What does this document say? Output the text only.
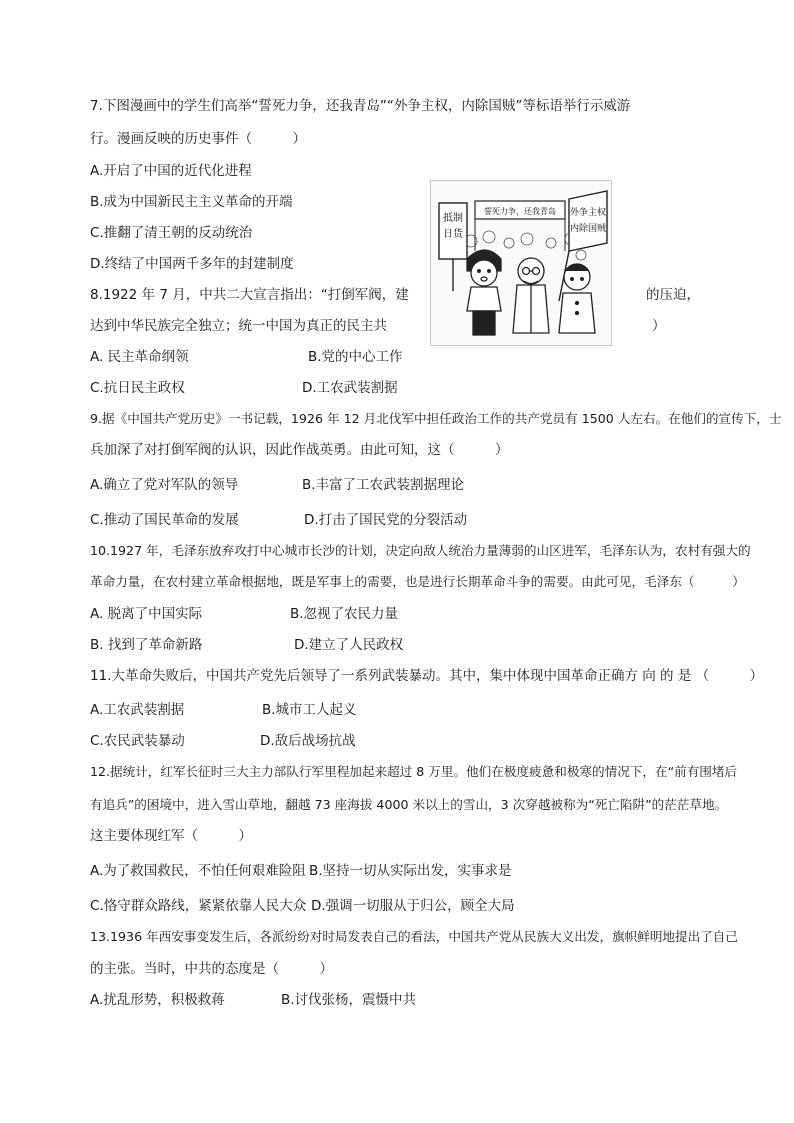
7.下图漫画中的学生们高举“誓死力争，还我青岛”“外争主权，内除国贼”等标语举行示威游
行。漫画反映的历史事件（　　　）
A.开启了中国的近代化进程
B.成为中国新民主主义革命的开端
C.推翻了清王朝的反动统治
D.终结了中国两千多年的封建制度
抵制
日货
誓死力争，还我青岛 外争主权
内除国贼
8.1922 年 7 月，中共二大宣言指出：“打倒军阀，建	的压迫，
达到中华民族完全独立；统一中国为真正的民主共	）
A. 民主革命纲领	B.党的中心工作
C.抗日民主政权	D.工农武装割据
9.据《中国共产党历史》一书记载，1926 年 12 月北伐军中担任政治工作的共产党员有 1500 人左右。在他们的宣传下，士
兵加深了对打倒军阀的认识，因此作战英勇。由此可知，这（　　　）
A.确立了党对军队的领导	B.丰富了工农武装割据理论
C.推动了国民革命的发展	D.打击了国民党的分裂活动
10.1927 年，毛泽东放弃攻打中心城市长沙的计划，决定向敌人统治力量薄弱的山区进军，毛泽东认为，农村有强大的
革命力量，在农村建立革命根据地，既是军事上的需要，也是进行长期革命斗争的需要。由此可见，毛泽东（　　　）
A. 脱离了中国实际	B.忽视了农民力量
B. 找到了革命新路	D.建立了人民政权
11.大革命失败后，中国共产党先后领导了一系列武装暴动。其中，集中体现中国革命正确方 向 的 是 （　　　）
A.工农武装割据	B.城市工人起义
C.农民武装暴动	D.敌后战场抗战
12.据统计，红军长征时三大主力部队行军里程加起来超过 8 万里。他们在极度疲惫和极寒的情况下，在“前有围堵后
有追兵”的困境中，进入雪山草地，翻越 73 座海拔 4000 米以上的雪山，3 次穿越被称为“死亡陷阱”的茫茫草地。
这主要体现红军（　　　）
A.为了救国救民，不怕任何艰难险阻 B.坚持一切从实际出发，实事求是
C.恪守群众路线，紧紧依靠人民大众 D.强调一切服从于归公，顾全大局
13.1936 年西安事变发生后，各派纷纷对时局发表自己的看法，中国共产党从民族大义出发，旗帜鲜明地提出了自己
的主张。当时，中共的态度是（　　　）
A.扰乱形势，积极救蒋	B.讨伐张杨，震慑中共
